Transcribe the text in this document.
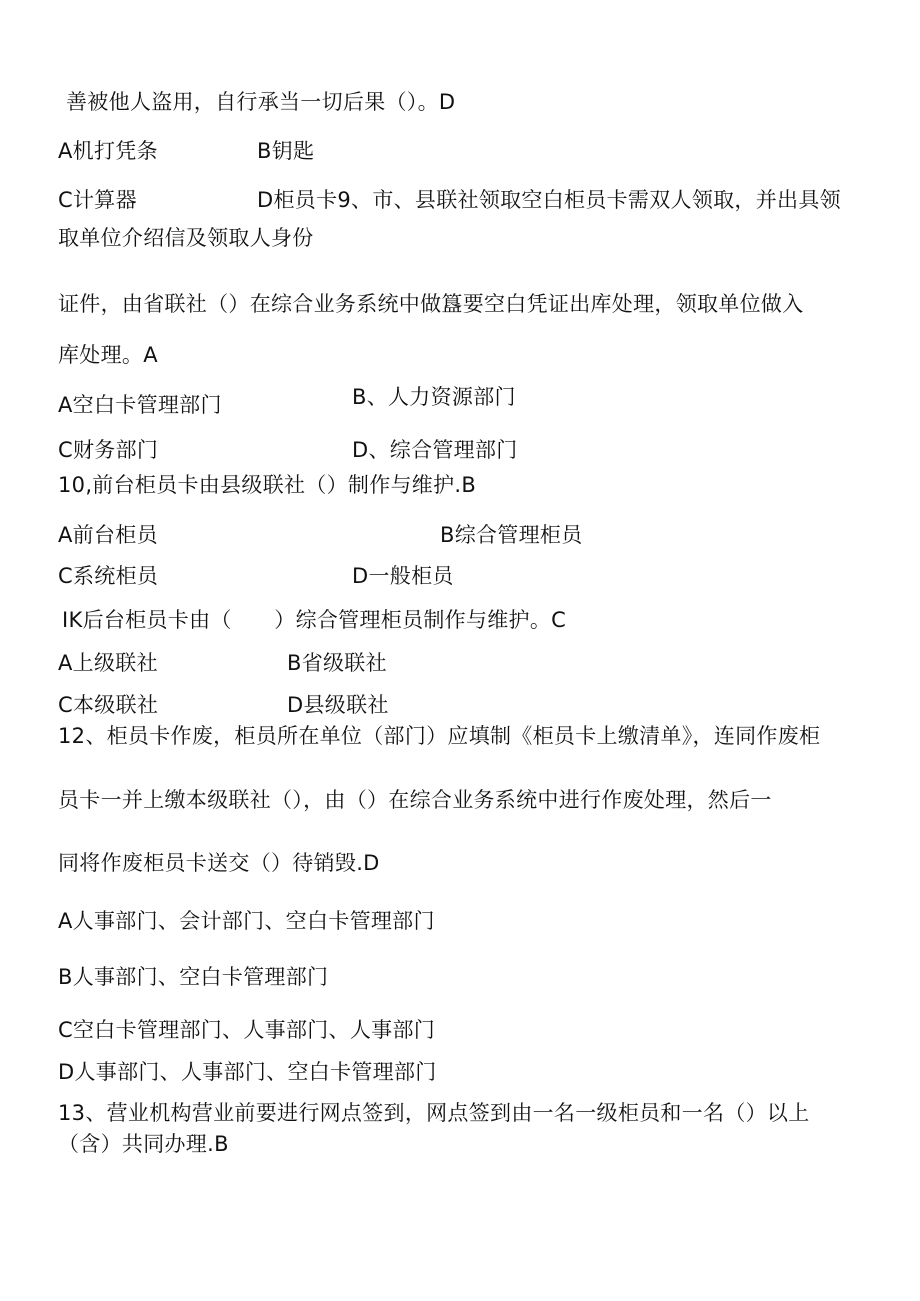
善被他人盗用，自行承当一切后果（）。D
A机打凭条	B钥匙
C计算器	D柜员卡9、市、县联社领取空白柜员卡需双人领取，并出具领
取单位介绍信及领取人身份
证件，由省联社（）在综合业务系统中做簋要空白凭证出库处理，领取单位做入
库处理。A
A空白卡管理部门	B、人力资源部门
C财务部门	D、综合管理部门
10,前台柜员卡由县级联社（）制作与维护.B
A前台柜员	B综合管理柜员
C系统柜员	D一般柜员
IK后台柜员卡由（　　）综合管理柜员制作与维护。C
A上级联社	B省级联社
C本级联社	D县级联社
12、柜员卡作废，柜员所在单位（部门）应填制《柜员卡上缴清单》，连同作废柜
员卡一并上缴本级联社（），由（）在综合业务系统中进行作废处理，然后一
同将作废柜员卡送交（）待销毁.D
A人事部门、会计部门、空白卡管理部门
B人事部门、空白卡管理部门
C空白卡管理部门、人事部门、人事部门
D人事部门、人事部门、空白卡管理部门
13、营业机构营业前要进行网点签到，网点签到由一名一级柜员和一名（）以上
（含）共同办理.B
